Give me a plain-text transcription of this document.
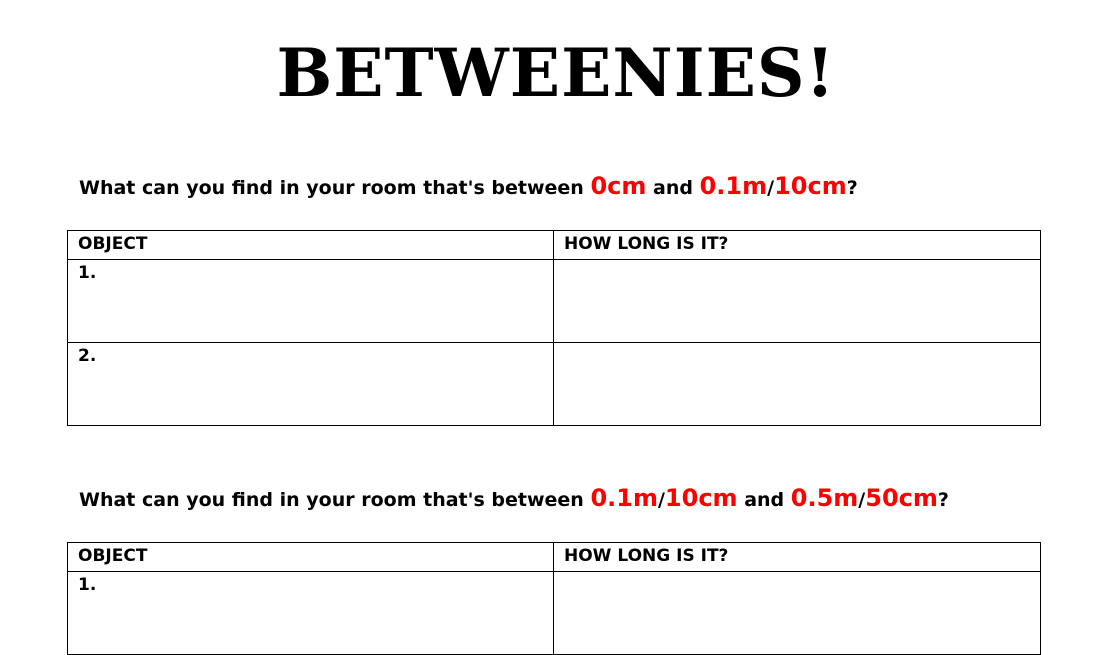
BETWEENIES!
What can you find in your room that's between 0cm and 0.1m/10cm?
OBJECT	HOW LONG IS IT?
1.	
2.	
What can you find in your room that's between 0.1m/10cm and 0.5m/50cm?
OBJECT	HOW LONG IS IT?
1.	
